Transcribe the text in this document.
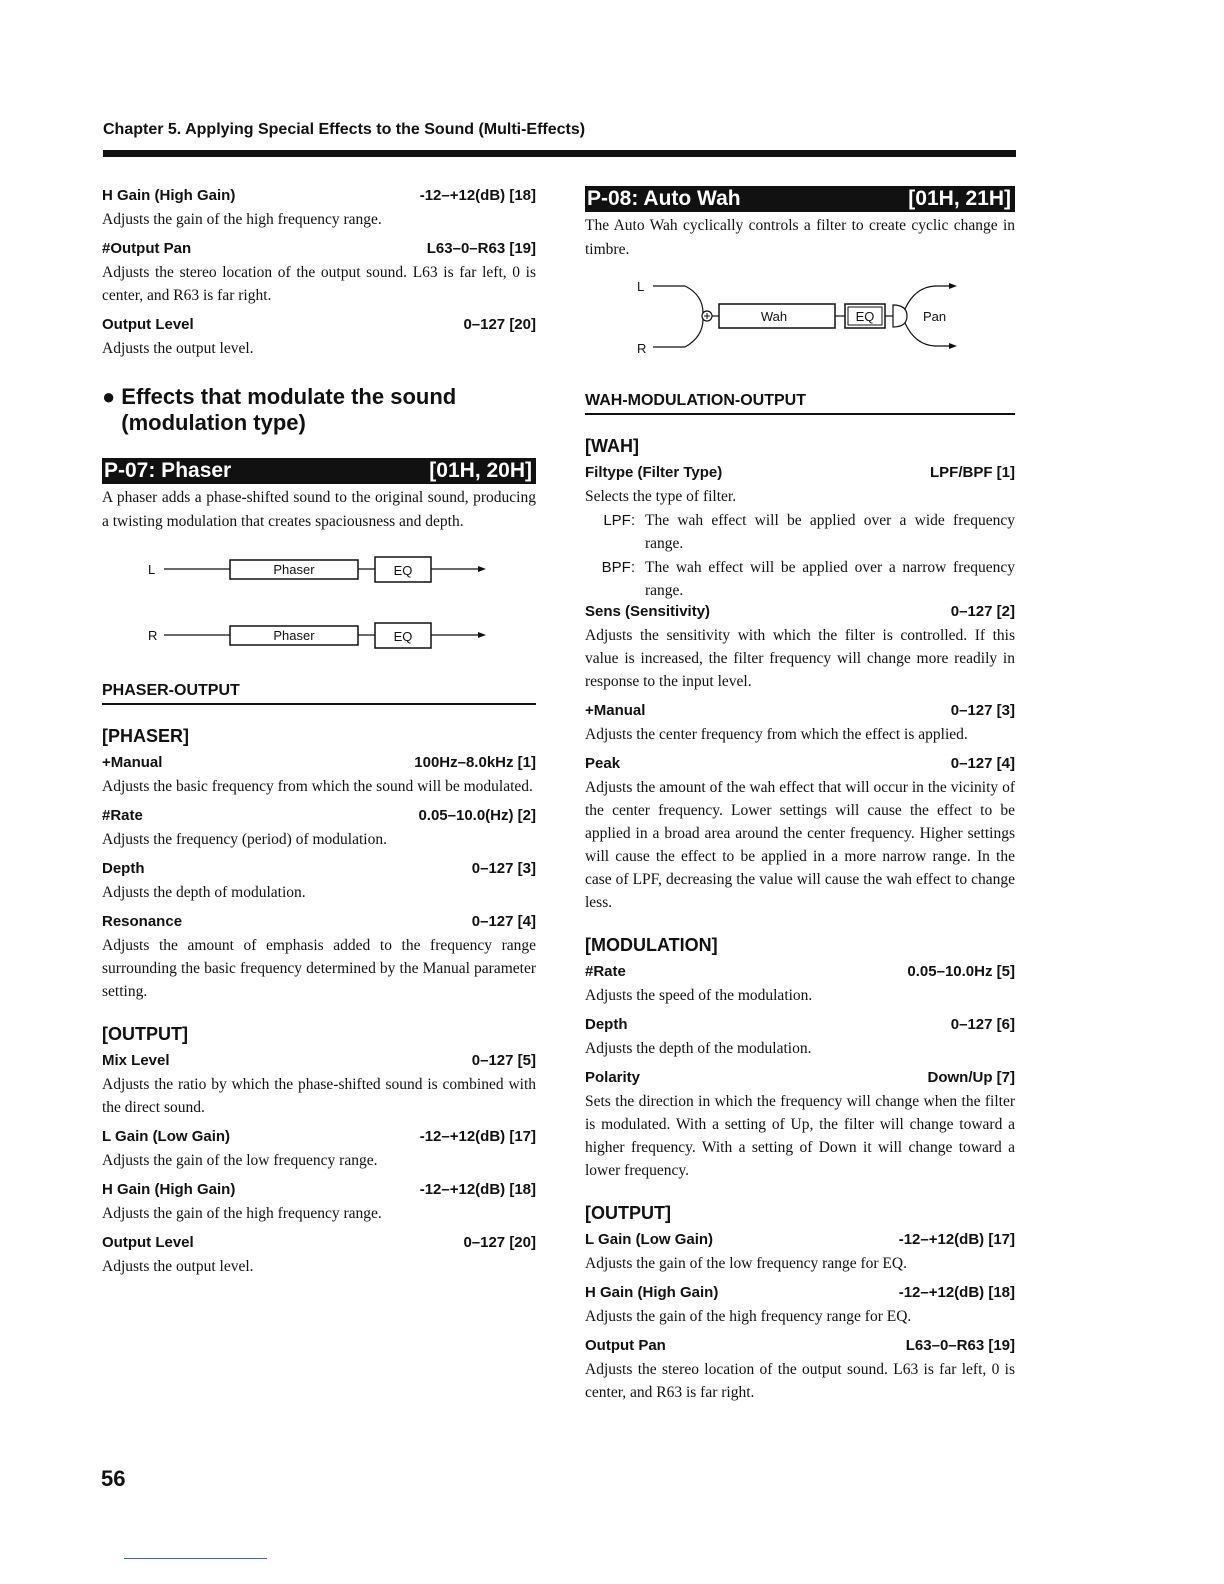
Chapter 5. Applying Special Effects to the Sound (Multi-Effects)
H Gain (High Gain)	-12–+12(dB) [18]

Adjusts the gain of the high frequency range.

#Output Pan	L63–0–R63 [19]

Adjusts the stereo location of the output sound. L63 is far left, 0 is center, and R63 is far right.

Output Level	0–127 [20]

Adjusts the output level.

● Effects that modulate the sound
(modulation type)
P-07: Phaser	[01H, 20H]

A phaser adds a phase-shifted sound to the original sound, producing a twisting modulation that creates spaciousness and depth.

L	Phaser	EQ
R	Phaser	EQ
PHASER-OUTPUT
[PHASER]
+Manual	100Hz–8.0kHz [1]

Adjusts the basic frequency from which the sound will be modulated.

#Rate	0.05–10.0(Hz) [2]

Adjusts the frequency (period) of modulation.

Depth	0–127 [3]

Adjusts the depth of modulation.

Resonance	0–127 [4]

Adjusts the amount of emphasis added to the frequency range surrounding the basic frequency determined by the Manual parameter setting.

[OUTPUT]
Mix Level	0–127 [5]

Adjusts the ratio by which the phase-shifted sound is combined with the direct sound.

L Gain (Low Gain)	-12–+12(dB) [17]

Adjusts the gain of the low frequency range.

H Gain (High Gain)	-12–+12(dB) [18]

Adjusts the gain of the high frequency range.

Output Level	0–127 [20]

Adjusts the output level.

P-08: Auto Wah	[01H, 21H]

The Auto Wah cyclically controls a filter to create cyclic change in timbre.

L
R
Wah	EQ	Pan
WAH-MODULATION-OUTPUT
[WAH]
Filtype (Filter Type)	LPF/BPF [1]

Selects the type of filter.

LPF: The wah effect will be applied over a wide frequency range.
BPF: The wah effect will be applied over a narrow frequency range.
Sens (Sensitivity)	0–127 [2]

Adjusts the sensitivity with which the filter is controlled. If this value is increased, the filter frequency will change more readily in response to the input level.

+Manual	0–127 [3]

Adjusts the center frequency from which the effect is applied.

Peak	0–127 [4]

Adjusts the amount of the wah effect that will occur in the vicinity of the center frequency. Lower settings will cause the effect to be applied in a broad area around the center frequency. Higher settings will cause the effect to be applied in a more narrow range. In the case of LPF, decreasing the value will cause the wah effect to change less.

[MODULATION]
#Rate	0.05–10.0Hz [5]

Adjusts the speed of the modulation.

Depth	0–127 [6]

Adjusts the depth of the modulation.

Polarity	Down/Up [7]

Sets the direction in which the frequency will change when the filter is modulated. With a setting of Up, the filter will change toward a higher frequency. With a setting of Down it will change toward a lower frequency.

[OUTPUT]
L Gain (Low Gain)	-12–+12(dB) [17]

Adjusts the gain of the low frequency range for EQ.

H Gain (High Gain)	-12–+12(dB) [18]

Adjusts the gain of the high frequency range for EQ.

Output Pan	L63–0–R63 [19]

Adjusts the stereo location of the output sound. L63 is far left, 0 is center, and R63 is far right.

56
